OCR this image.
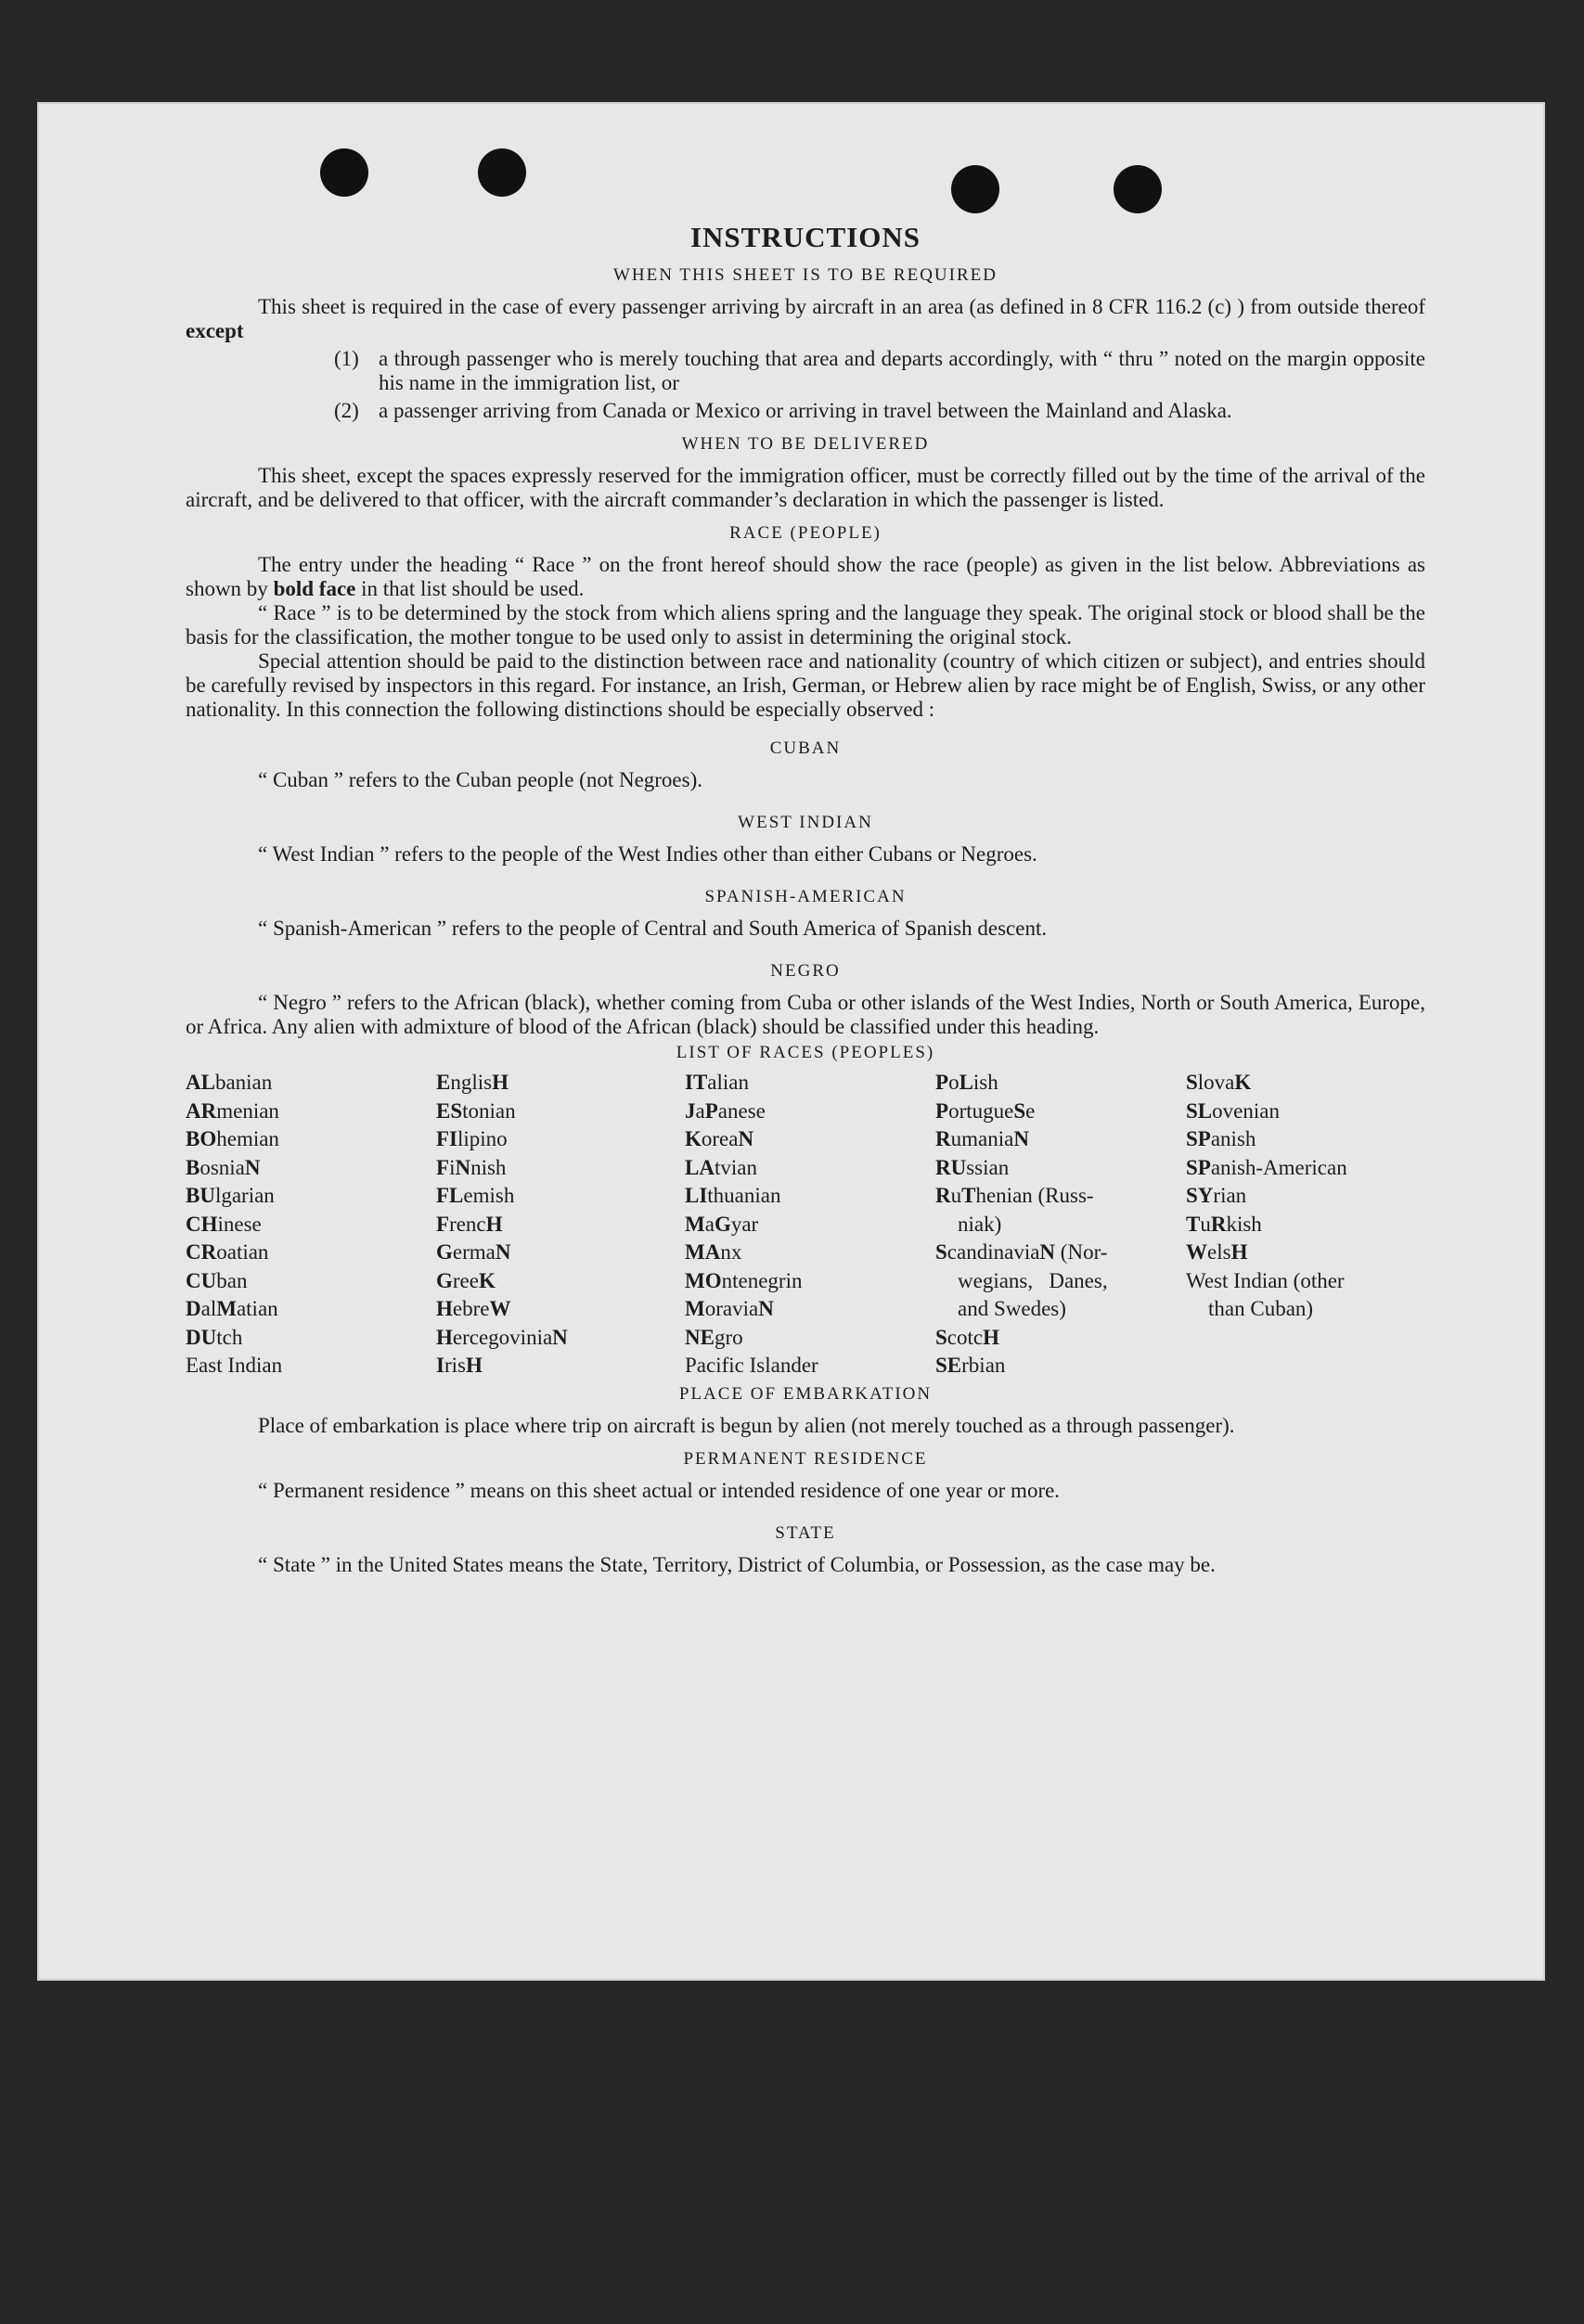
INSTRUCTIONS
WHEN THIS SHEET IS TO BE REQUIRED

This sheet is required in the case of every passenger arriving by aircraft in an area (as defined in 8 CFR 116.2 (c) ) from outside thereof except

(1) a through passenger who is merely touching that area and departs accordingly, with “ thru ” noted on the margin opposite his name in the immigration list, or
(2) a passenger arriving from Canada or Mexico or arriving in travel between the Mainland and Alaska.
WHEN TO BE DELIVERED

This sheet, except the spaces expressly reserved for the immigration officer, must be correctly filled out by the time of the arrival of the aircraft, and be delivered to that officer, with the aircraft commander’s declaration in which the passenger is listed.

RACE (PEOPLE)

The entry under the heading “ Race ” on the front hereof should show the race (people) as given in the list below. Abbreviations as shown by bold face in that list should be used.

“ Race ” is to be determined by the stock from which aliens spring and the language they speak. The original stock or blood shall be the basis for the classification, the mother tongue to be used only to assist in determining the original stock.

Special attention should be paid to the distinction between race and nationality (country of which citizen or subject), and entries should be carefully revised by inspectors in this regard. For instance, an Irish, German, or Hebrew alien by race might be of English, Swiss, or any other nationality. In this connection the following distinctions should be especially observed :

CUBAN

“ Cuban ” refers to the Cuban people (not Negroes).

WEST INDIAN

“ West Indian ” refers to the people of the West Indies other than either Cubans or Negroes.

SPANISH-AMERICAN

“ Spanish-American ” refers to the people of Central and South America of Spanish descent.

NEGRO

“ Negro ” refers to the African (black), whether coming from Cuba or other islands of the West Indies, North or South America, Europe, or Africa. Any alien with admixture of blood of the African (black) should be classified under this heading.

LIST OF RACES (PEOPLES)
ALbanian
ARmenian
BOhemian
BosniaN
BUlgarian
CHinese
CRoatian
CUban
DalMatian
DUtch
East Indian
EnglisH
EStonian
FIlipino
FiNnish
FLemish
FrencH
GermaN
GreeK
HebreW
HercegoviniaN
IrisH
ITalian
JaPanese
KoreaN
LAtvian
LIthuanian
MaGyar
MAnx
MOntenegrin
MoraviaN
NEgro
Pacific Islander
PoLish
PortugueSe
RumaniaN
RUssian
RuThenian (Russ-
niak)
ScandinaviaN (Nor-
wegians,   Danes,
and Swedes)
ScotcH
SErbian
SlovaK
SLovenian
SPanish
SPanish-American
SYrian
TuRkish
WelsH
West Indian (other
than Cuban)
PLACE OF EMBARKATION

Place of embarkation is place where trip on aircraft is begun by alien (not merely touched as a through passenger).

PERMANENT RESIDENCE

“ Permanent residence ” means on this sheet actual or intended residence of one year or more.

STATE

“ State ” in the United States means the State, Territory, District of Columbia, or Possession, as the case may be.
